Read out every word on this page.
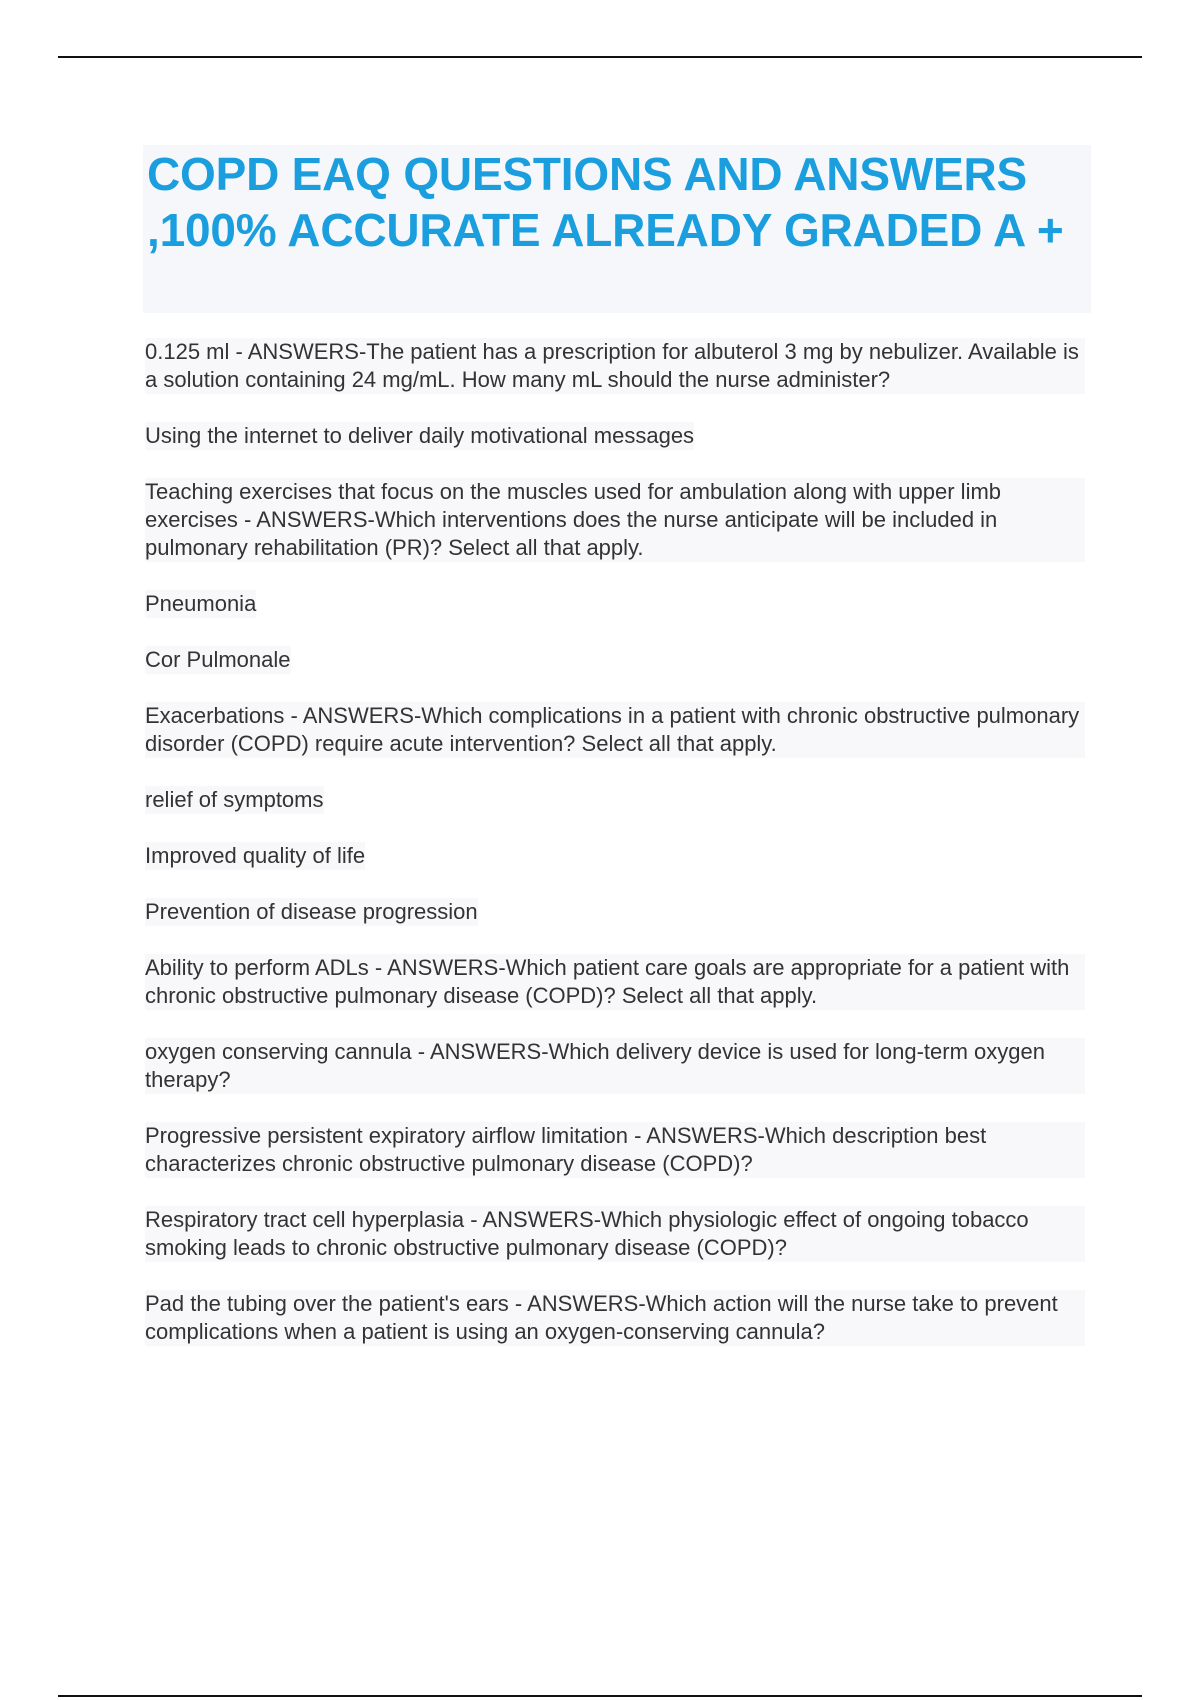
COPD EAQ QUESTIONS AND ANSWERS ,100% ACCURATE ALREADY GRADED A +

0.125 ml - ANSWERS-The patient has a prescription for albuterol 3 mg by nebulizer. Available is a solution containing 24 mg/mL. How many mL should the nurse administer?

Using the internet to deliver daily motivational messages

Teaching exercises that focus on the muscles used for ambulation along with upper limb exercises - ANSWERS-Which interventions does the nurse anticipate will be included in pulmonary rehabilitation (PR)? Select all that apply.

Pneumonia

Cor Pulmonale

Exacerbations - ANSWERS-Which complications in a patient with chronic obstructive pulmonary disorder (COPD) require acute intervention? Select all that apply.

relief of symptoms

Improved quality of life

Prevention of disease progression

Ability to perform ADLs - ANSWERS-Which patient care goals are appropriate for a patient with chronic obstructive pulmonary disease (COPD)? Select all that apply.

oxygen conserving cannula - ANSWERS-Which delivery device is used for long-term oxygen therapy?

Progressive persistent expiratory airflow limitation - ANSWERS-Which description best characterizes chronic obstructive pulmonary disease (COPD)?

Respiratory tract cell hyperplasia - ANSWERS-Which physiologic effect of ongoing tobacco smoking leads to chronic obstructive pulmonary disease (COPD)?

Pad the tubing over the patient's ears - ANSWERS-Which action will the nurse take to prevent complications when a patient is using an oxygen-conserving cannula?
